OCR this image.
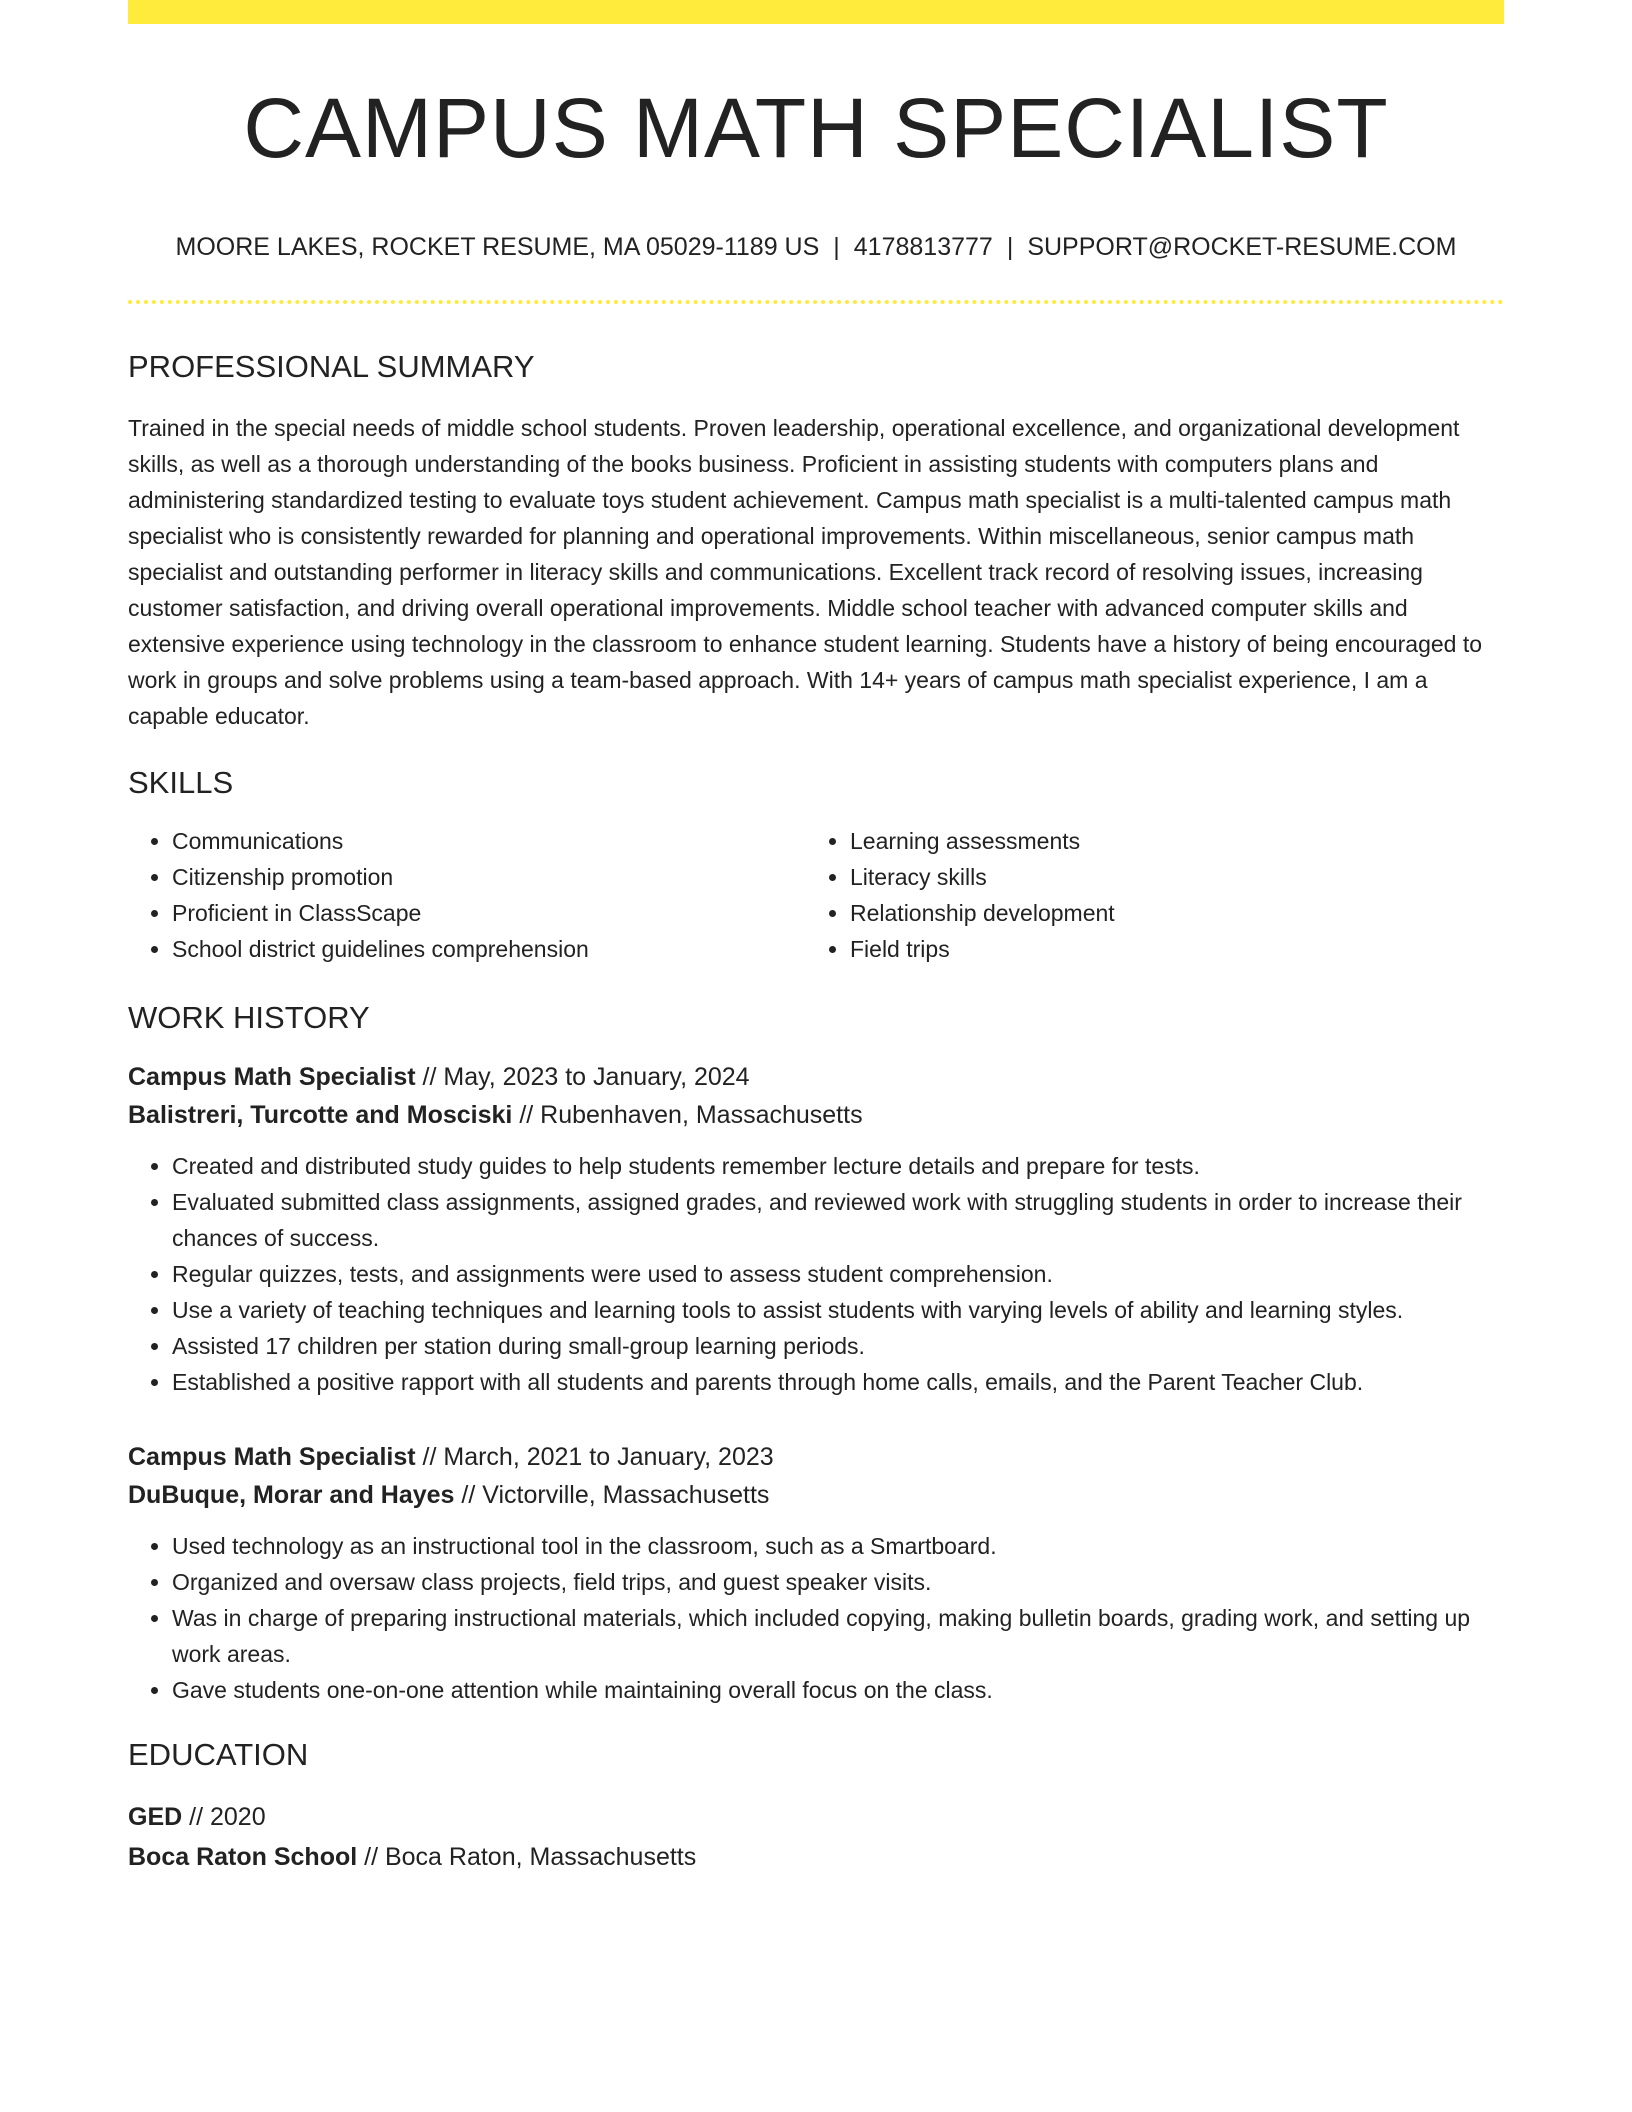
CAMPUS MATH SPECIALIST
MOORE LAKES, ROCKET RESUME, MA 05029-1189 US | 4178813777 | SUPPORT@ROCKET-RESUME.COM
PROFESSIONAL SUMMARY

Trained in the special needs of middle school students. Proven leadership, operational excellence, and organizational development skills, as well as a thorough understanding of the books business. Proficient in assisting students with computers plans and administering standardized testing to evaluate toys student achievement. Campus math specialist is a multi-talented campus math specialist who is consistently rewarded for planning and operational improvements. Within miscellaneous, senior campus math specialist and outstanding performer in literacy skills and communications. Excellent track record of resolving issues, increasing customer satisfaction, and driving overall operational improvements. Middle school teacher with advanced computer skills and extensive experience using technology in the classroom to enhance student learning. Students have a history of being encouraged to work in groups and solve problems using a team-based approach. With 14+ years of campus math specialist experience, I am a capable educator.

SKILLS
• Communications
• Citizenship promotion
• Proficient in ClassScape
• School district guidelines comprehension
• Learning assessments
• Literacy skills
• Relationship development
• Field trips
WORK HISTORY
Campus Math Specialist // May, 2023 to January, 2024
Balistreri, Turcotte and Mosciski // Rubenhaven, Massachusetts
• Created and distributed study guides to help students remember lecture details and prepare for tests.
• Evaluated submitted class assignments, assigned grades, and reviewed work with struggling students in order to increase their chances of success.
• Regular quizzes, tests, and assignments were used to assess student comprehension.
• Use a variety of teaching techniques and learning tools to assist students with varying levels of ability and learning styles.
• Assisted 17 children per station during small-group learning periods.
• Established a positive rapport with all students and parents through home calls, emails, and the Parent Teacher Club.
Campus Math Specialist // March, 2021 to January, 2023
DuBuque, Morar and Hayes // Victorville, Massachusetts
• Used technology as an instructional tool in the classroom, such as a Smartboard.
• Organized and oversaw class projects, field trips, and guest speaker visits.
• Was in charge of preparing instructional materials, which included copying, making bulletin boards, grading work, and setting up work areas.
• Gave students one-on-one attention while maintaining overall focus on the class.
EDUCATION
GED // 2020
Boca Raton School // Boca Raton, Massachusetts
